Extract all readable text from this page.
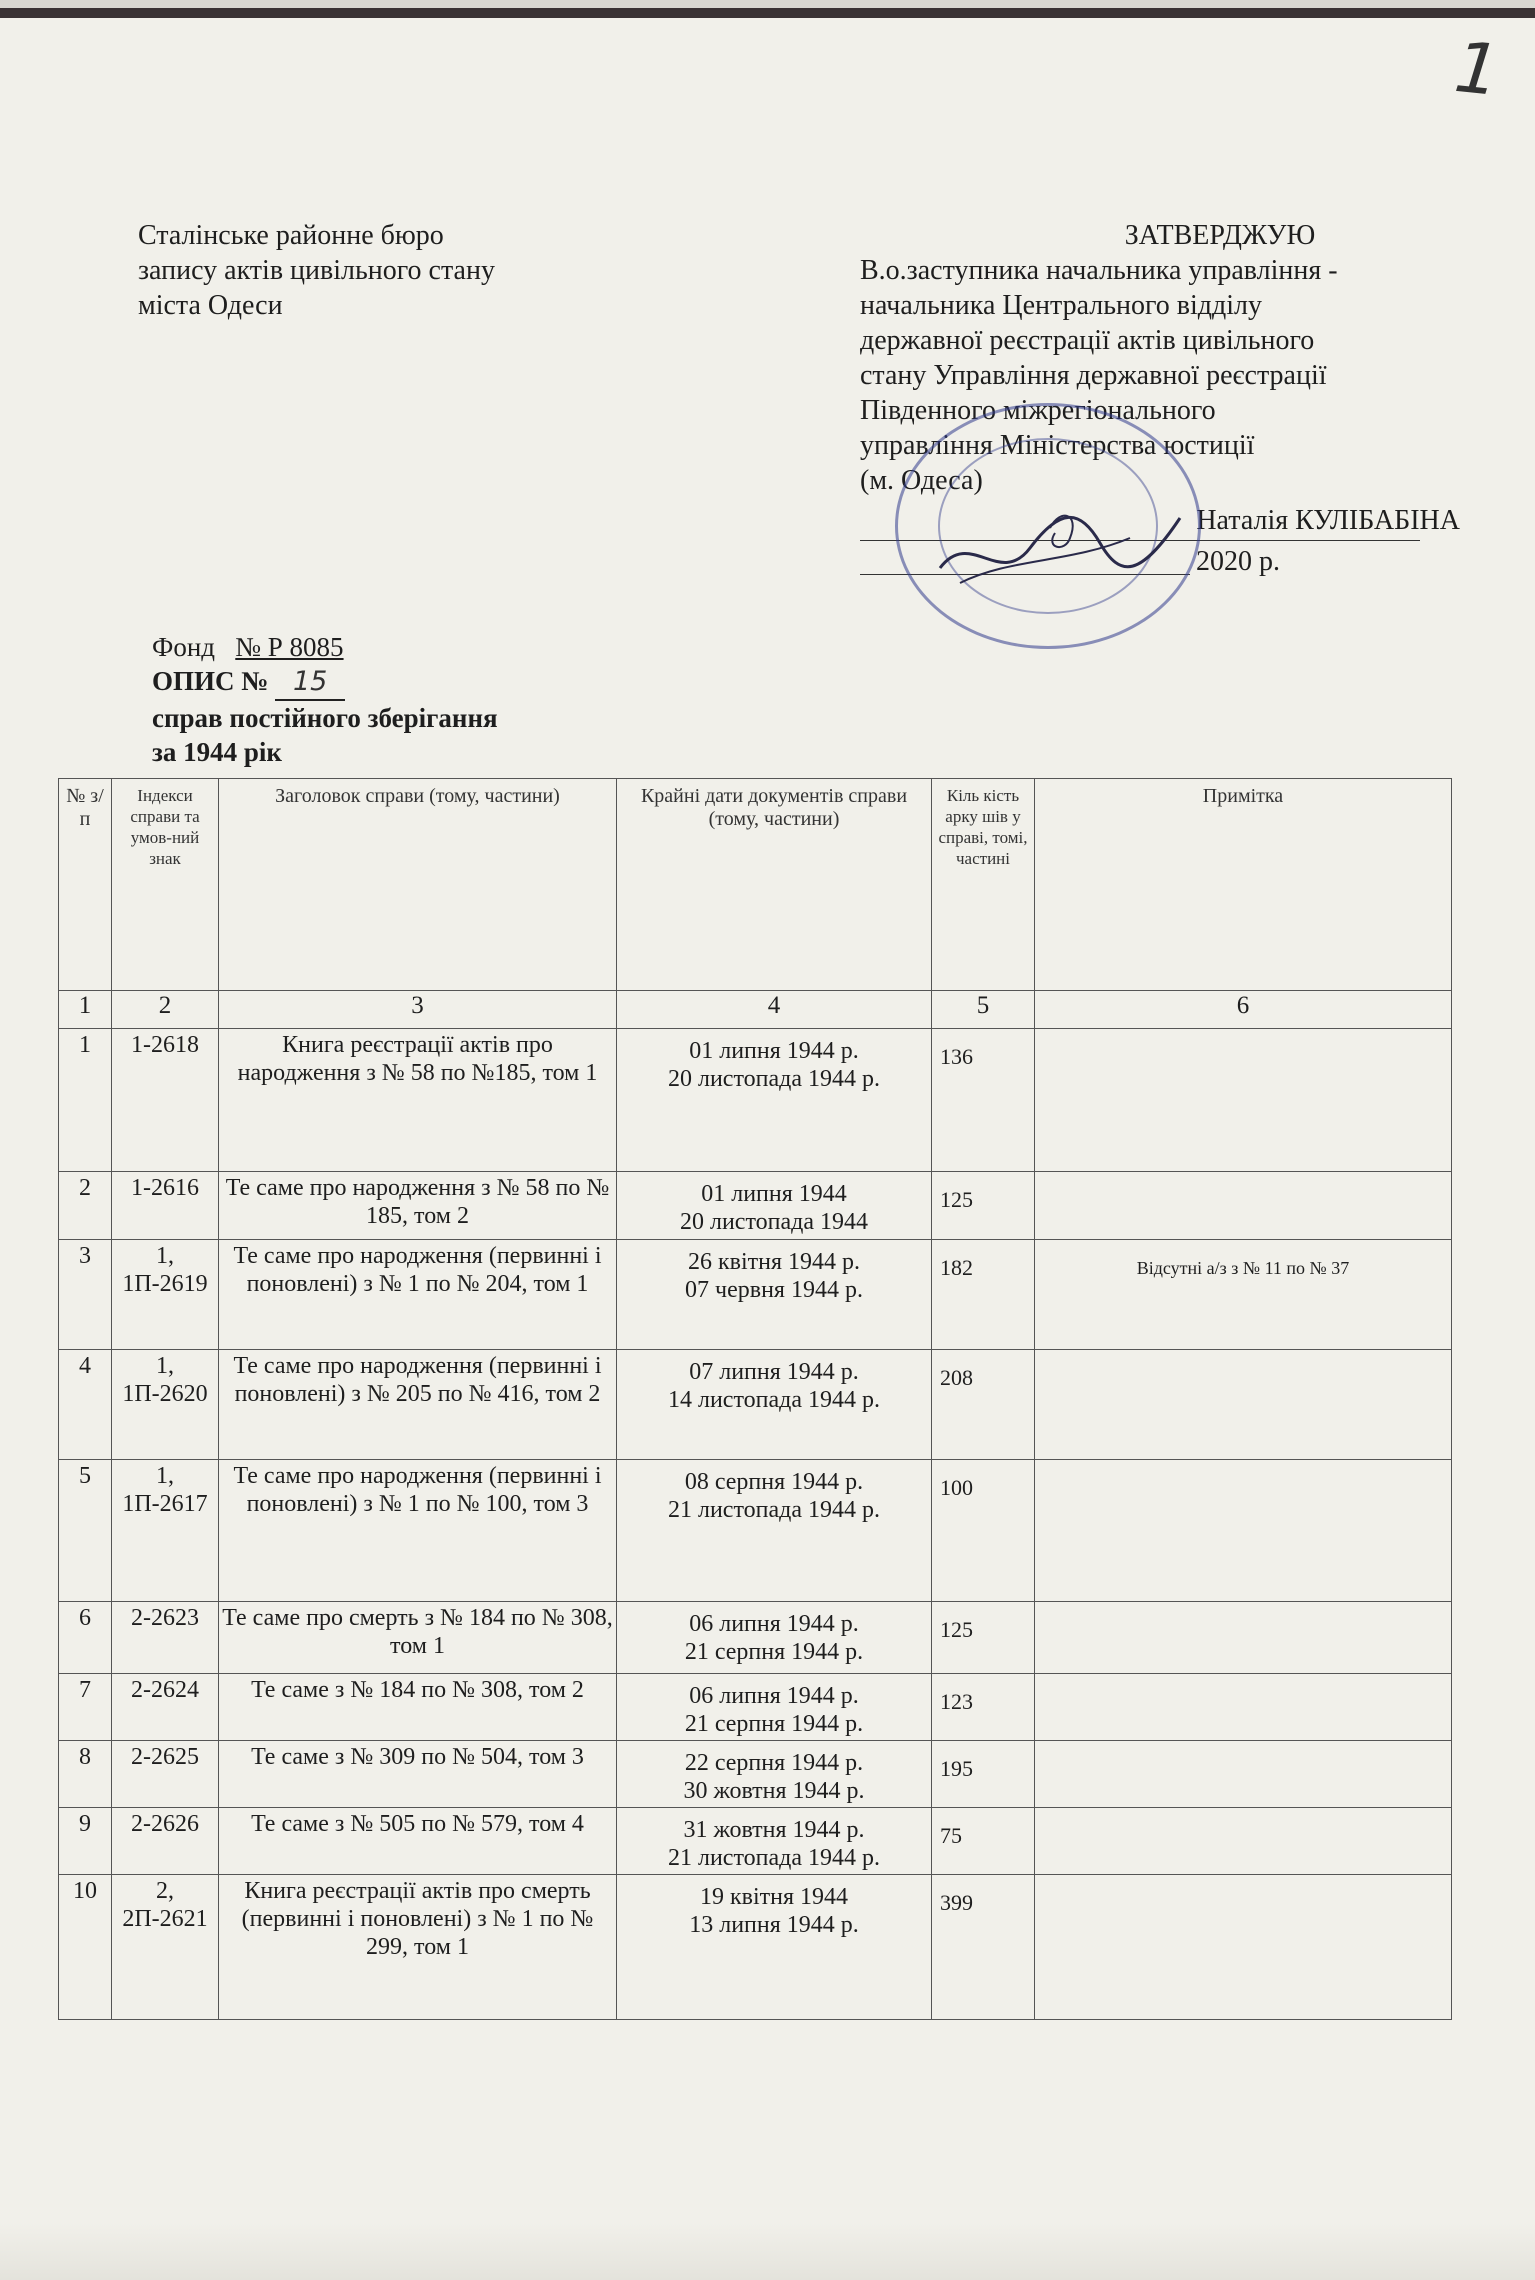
1
Сталінське районне бюро
запису актів цивільного стану
міста Одеси
ЗАТВЕРДЖУЮ
В.о.заступника начальника управління -
начальника Центрального відділу
державної реєстрації актів цивільного
стану Управління державної реєстрації
Південного міжрегіонального
управління Міністерства юстиції
(м. Одеса)
Наталія КУЛІБАБІНА
2020 р.
Фонд № Р 8085
ОПИС № 15
справ постійного зберігання
за 1944 рік
№ з/п	Індекси справи та умов-ний знак	Заголовок справи (тому, частини)	Крайні дати документів справи (тому, частини)	Кіль кість арку шів у справі, томі, частині	Примітка
1	2	3	4	5	6
1	1-2618	Книга реєстрації актів про народження з № 58 по №185, том 1	01 липня 1944 р.
20 листопада 1944 р.	136	
2	1-2616	Те саме про народження з № 58 по № 185, том 2	01 липня 1944
20 листопада 1944	125	
3	1, 1П-2619	Те саме про народження (первинні і поновлені) з № 1 по № 204, том 1	26 квітня 1944 р.
07 червня 1944 р.	182	Відсутні а/з з № 11 по № 37
4	1, 1П-2620	Те саме про народження (первинні і поновлені) з № 205 по № 416, том 2	07 липня 1944 р.
14 листопада 1944 р.	208	
5	1, 1П-2617	Те саме про народження (первинні і поновлені) з № 1 по № 100, том 3	08 серпня 1944 р.
21 листопада 1944 р.	100	
6	2-2623	Те саме про смерть з № 184 по № 308, том 1	06 липня 1944 р.
21 серпня 1944 р.	125	
7	2-2624	Те саме з № 184 по № 308, том 2	06 липня 1944 р.
21 серпня 1944 р.	123	
8	2-2625	Те саме з № 309 по № 504, том 3	22 серпня 1944 р.
30 жовтня 1944 р.	195	
9	2-2626	Те саме з № 505 по № 579, том 4	31 жовтня 1944 р.
21 листопада 1944 р.	75	
10	2, 2П-2621	Книга реєстрації актів про смерть (первинні і поновлені) з № 1 по № 299, том 1	19 квітня 1944
13 липня 1944 р.	399	
